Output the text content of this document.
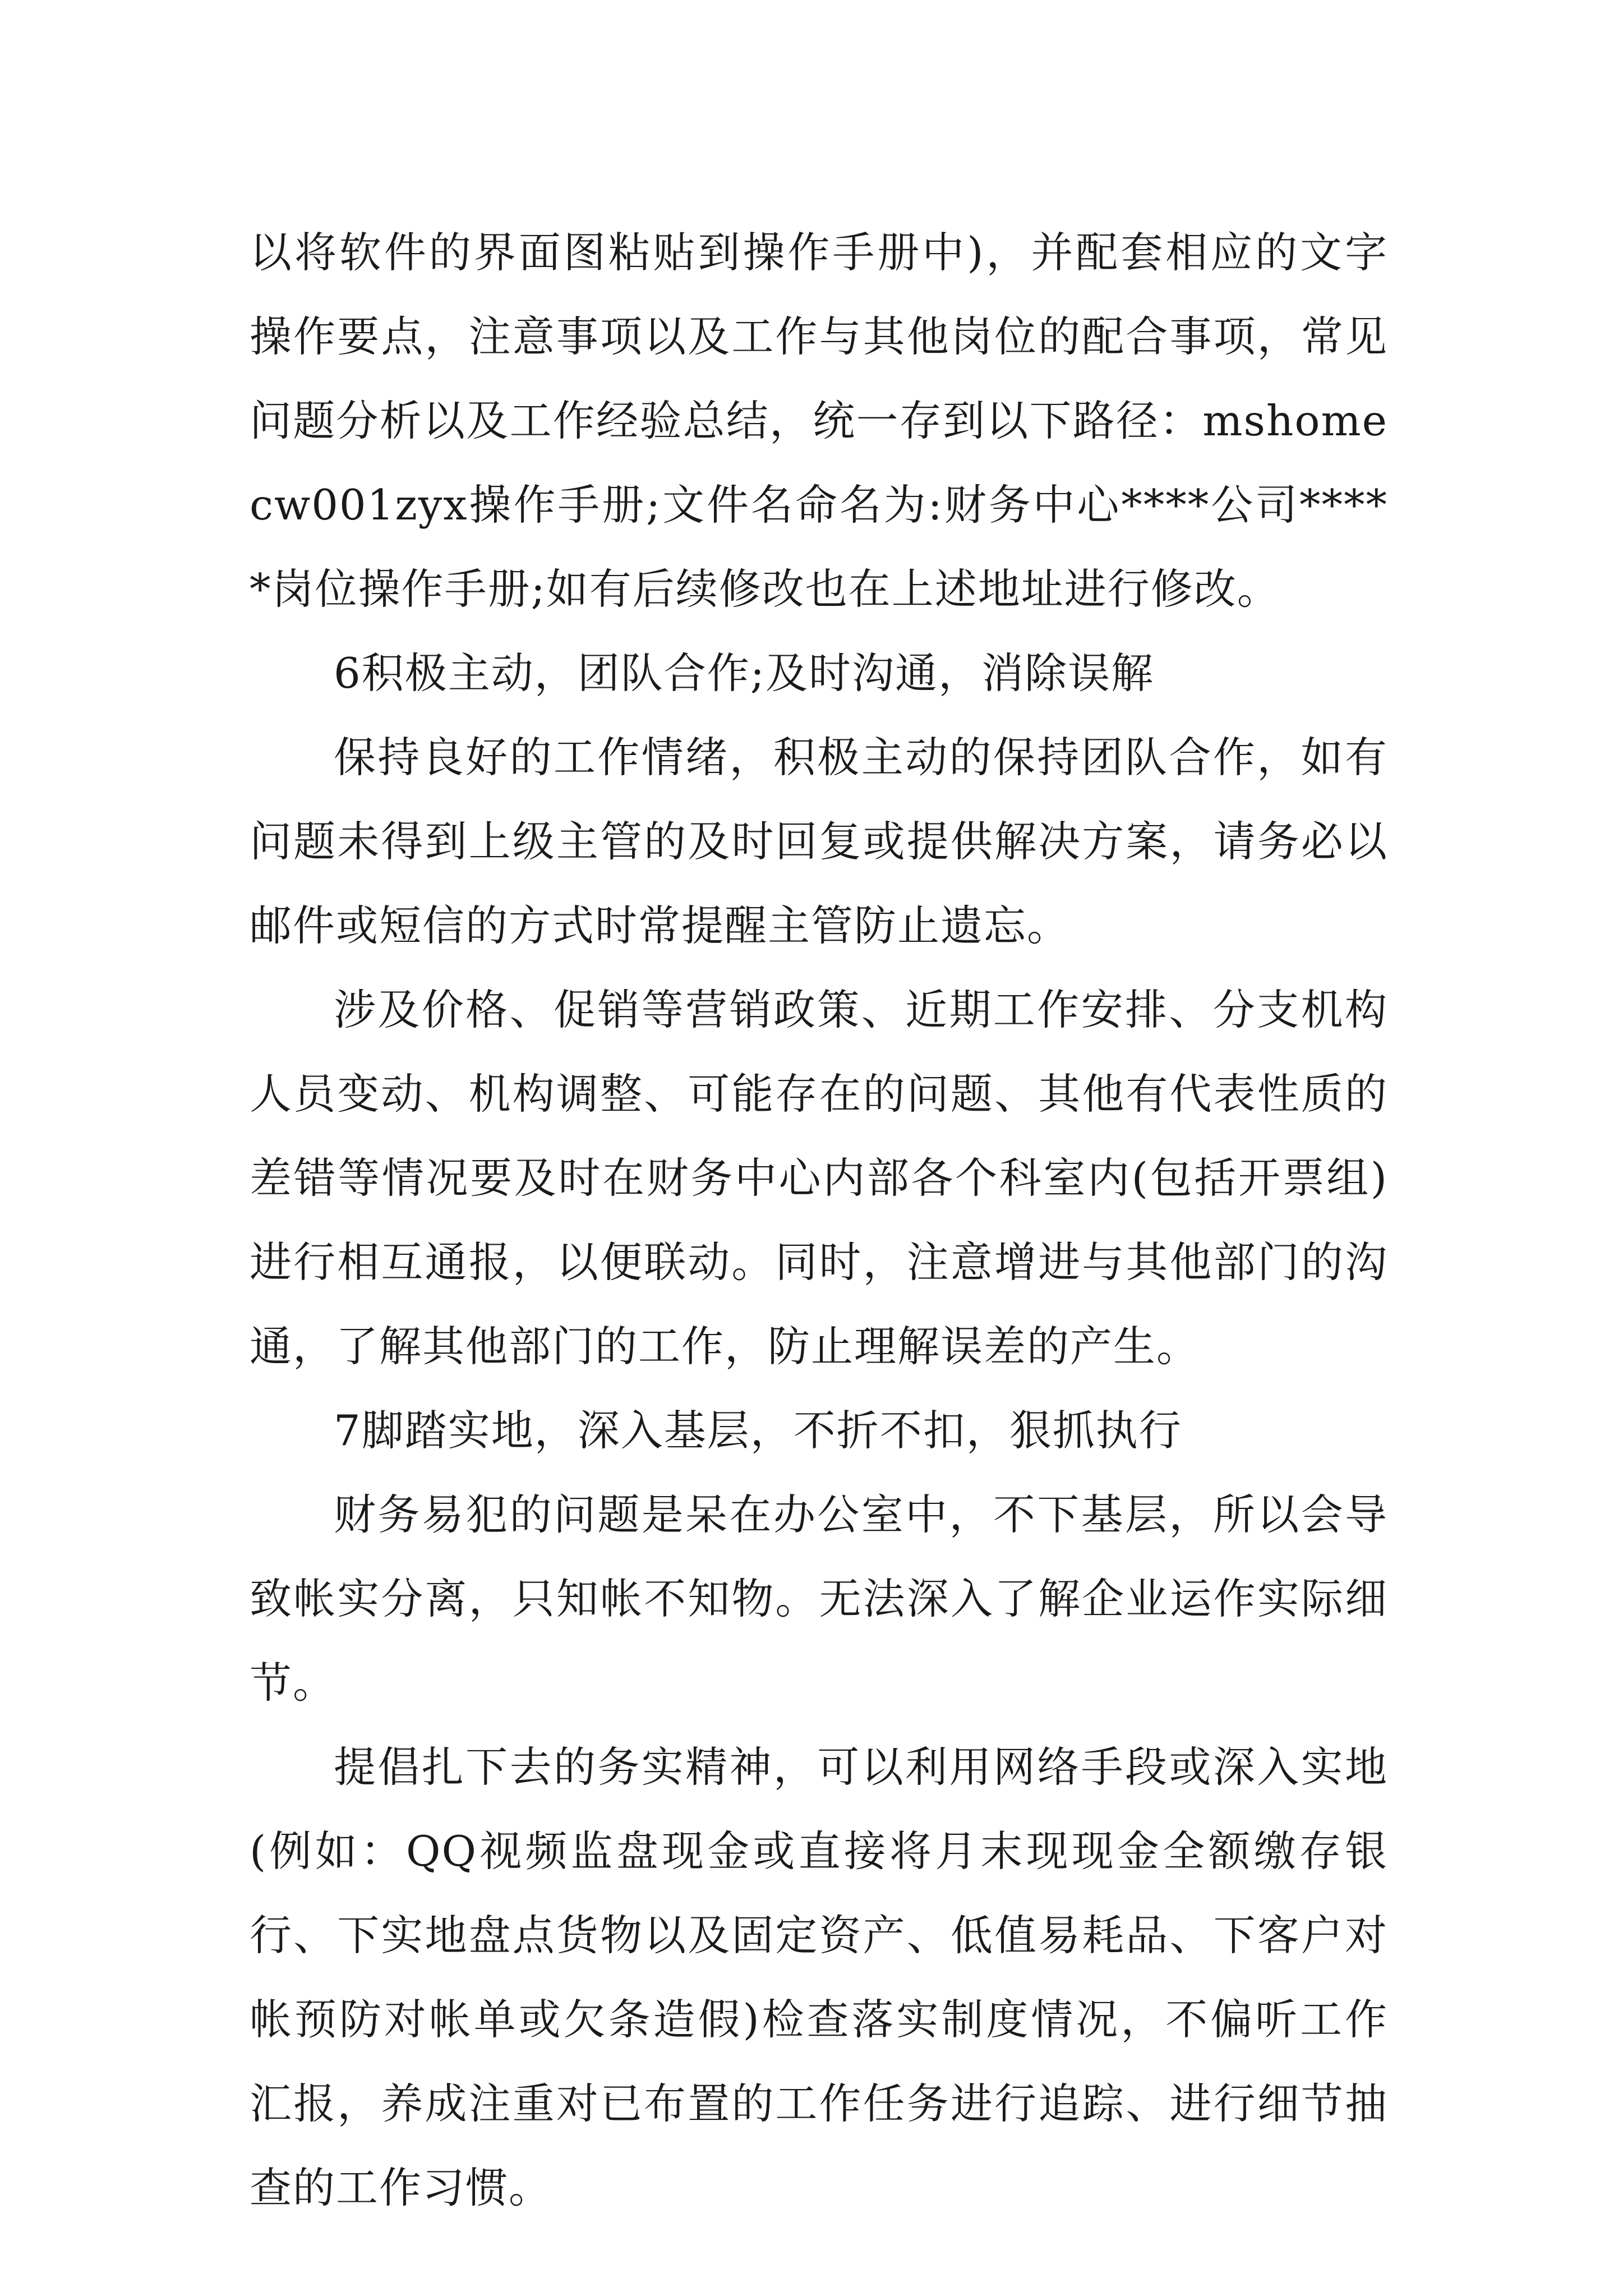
以将软件的界面图粘贴到操作手册中)，并配套相应的文字操作要点，注意事项以及工作与其他岗位的配合事项，常见问题分析以及工作经验总结，统一存到以下路径：mshomecw001zyx操作手册;文件名命名为:财务中心****公司*****岗位操作手册;如有后续修改也在上述地址进行修改。

6积极主动，团队合作;及时沟通，消除误解

保持良好的工作情绪，积极主动的保持团队合作，如有问题未得到上级主管的及时回复或提供解决方案，请务必以邮件或短信的方式时常提醒主管防止遗忘。

涉及价格、促销等营销政策、近期工作安排、分支机构人员变动、机构调整、可能存在的问题、其他有代表性质的差错等情况要及时在财务中心内部各个科室内(包括开票组)进行相互通报，以便联动。同时，注意增进与其他部门的沟通，了解其他部门的工作，防止理解误差的产生。

7脚踏实地，深入基层，不折不扣，狠抓执行

财务易犯的问题是呆在办公室中，不下基层，所以会导致帐实分离，只知帐不知物。无法深入了解企业运作实际细节。

提倡扎下去的务实精神，可以利用网络手段或深入实地(例如：QQ视频监盘现金或直接将月末现现金全额缴存银行、下实地盘点货物以及固定资产、低值易耗品、下客户对帐预防对帐单或欠条造假)检查落实制度情况，不偏听工作汇报，养成注重对已布置的工作任务进行追踪、进行细节抽查的工作习惯。
